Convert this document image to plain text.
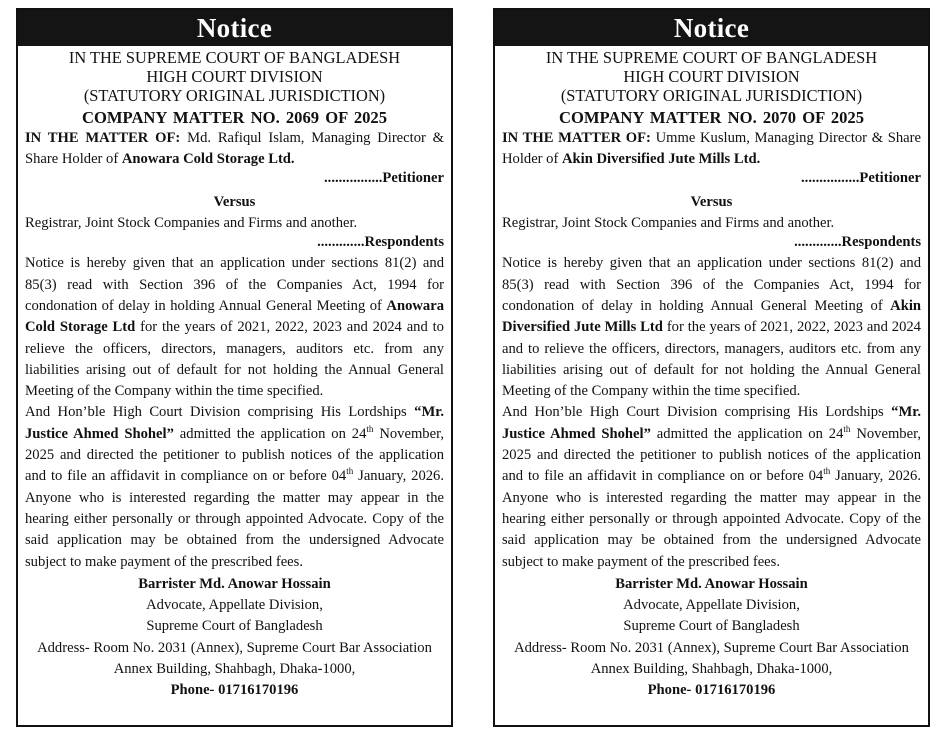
Notice
IN THE SUPREME COURT OF BANGLADESH
HIGH COURT DIVISION
(STATUTORY ORIGINAL JURISDICTION)
COMPANY MATTER NO. 2069 OF 2025
IN THE MATTER OF: Md. Rafiqul Islam, Managing Director & Share Holder of Anowara Cold Storage Ltd.
................Petitioner
Versus
Registrar, Joint Stock Companies and Firms and another.
.............Respondents
Notice is hereby given that an application under sections 81(2) and 85(3) read with Section 396 of the Companies Act, 1994 for condonation of delay in holding Annual General Meeting of Anowara Cold Storage Ltd for the years of 2021, 2022, 2023 and 2024 and to relieve the officers, directors, managers, auditors etc. from any liabilities arising out of default for not holding the Annual General Meeting of the Company within the time specified.
And Hon’ble High Court Division comprising His Lordships “Mr. Justice Ahmed Shohel” admitted the application on 24th November, 2025 and directed the petitioner to publish notices of the application and to file an affidavit in compliance on or before 04th January, 2026. Anyone who is interested regarding the matter may appear in the hearing either personally or through appointed Advocate. Copy of the said application may be obtained from the undersigned Advocate subject to make payment of the prescribed fees.
Barrister Md. Anowar Hossain
Advocate, Appellate Division,
Supreme Court of Bangladesh
Address- Room No. 2031 (Annex), Supreme Court Bar Association
Annex Building, Shahbagh, Dhaka-1000,
Phone- 01716170196
Notice
IN THE SUPREME COURT OF BANGLADESH
HIGH COURT DIVISION
(STATUTORY ORIGINAL JURISDICTION)
COMPANY MATTER NO. 2070 OF 2025
IN THE MATTER OF: Umme Kuslum, Managing Director & Share Holder of Akin Diversified Jute Mills Ltd.
................Petitioner
Versus
Registrar, Joint Stock Companies and Firms and another.
.............Respondents
Notice is hereby given that an application under sections 81(2) and 85(3) read with Section 396 of the Companies Act, 1994 for condonation of delay in holding Annual General Meeting of Akin Diversified Jute Mills Ltd for the years of 2021, 2022, 2023 and 2024 and to relieve the officers, directors, managers, auditors etc. from any liabilities arising out of default for not holding the Annual General Meeting of the Company within the time specified.
And Hon’ble High Court Division comprising His Lordships “Mr. Justice Ahmed Shohel” admitted the application on 24th November, 2025 and directed the petitioner to publish notices of the application and to file an affidavit in compliance on or before 04th January, 2026. Anyone who is interested regarding the matter may appear in the hearing either personally or through appointed Advocate. Copy of the said application may be obtained from the undersigned Advocate subject to make payment of the prescribed fees.
Barrister Md. Anowar Hossain
Advocate, Appellate Division,
Supreme Court of Bangladesh
Address- Room No. 2031 (Annex), Supreme Court Bar Association
Annex Building, Shahbagh, Dhaka-1000,
Phone- 01716170196
